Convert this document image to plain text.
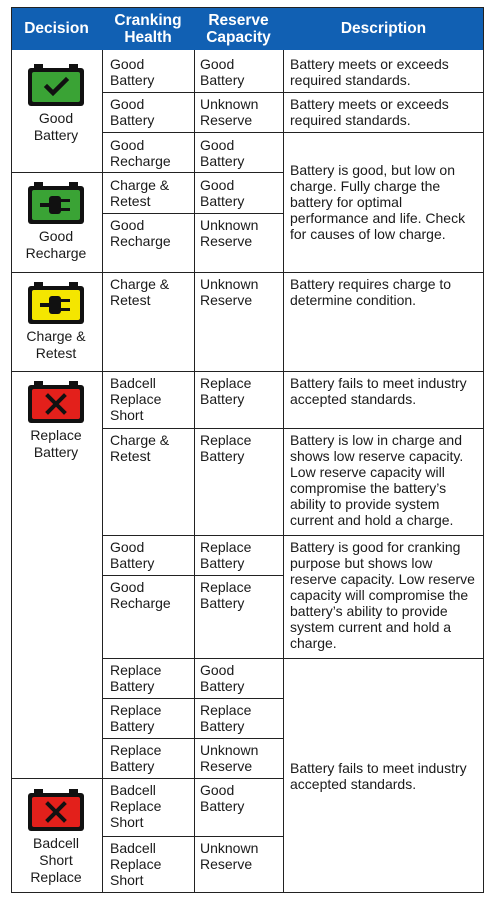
Decision	Cranking Health
Reserve Capacity	Description
Good Battery
Good Recharge
Charge & Retest
Replace Battery
Badcell Short Replace
Good Battery
Good Battery
Good Battery
Unknown Reserve
Good Recharge
Good Battery
Charge & Retest
Good Battery
Good Recharge
Unknown Reserve
Charge & Retest
Unknown Reserve
Badcell Replace Short
Replace Battery
Charge & Retest
Replace Battery
Good Battery
Replace Battery
Good Recharge
Replace Battery
Replace Battery
Good Battery
Replace Battery
Replace Battery
Replace Battery
Unknown Reserve
Badcell Replace Short
Good Battery
Badcell Replace Short
Unknown Reserve
Battery meets or exceeds required standards.
Battery meets or exceeds required standards.
Battery is good, but low on charge. Fully charge the battery for optimal performance and life. Check for causes of low charge.
Battery requires charge to determine condition.
Battery fails to meet industry accepted standards.
Battery is low in charge and shows low reserve capacity. Low reserve capacity will compromise the battery’s ability to provide system current and hold a charge.
Battery is good for cranking purpose but shows low reserve capacity. Low reserve capacity will compromise the battery’s ability to provide system current and hold a charge.
Battery fails to meet industry accepted standards.
